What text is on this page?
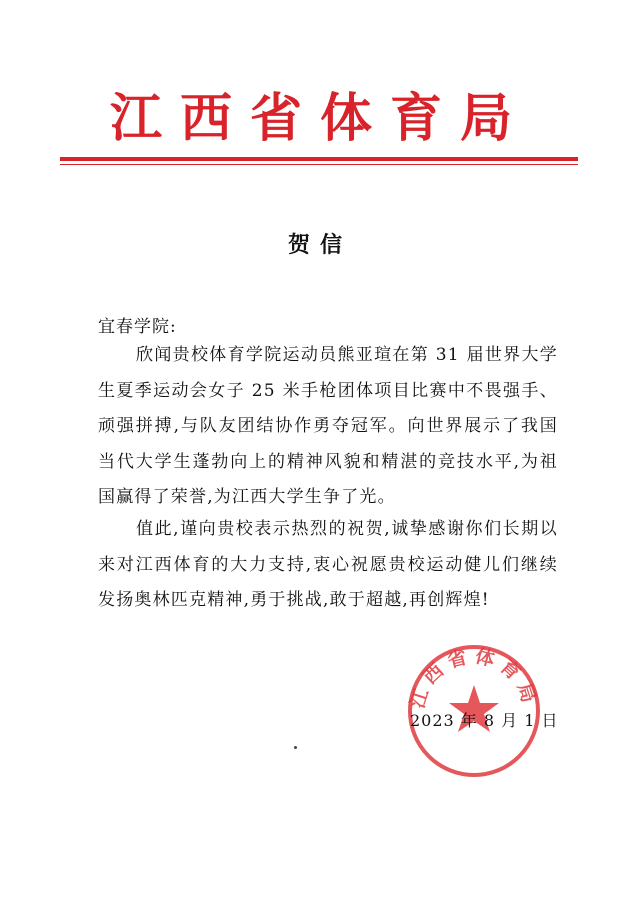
江西省体育局
贺信
宜春学院:
欣闻贵校体育学院运动员熊亚瑄在第 31 届世界大学生夏季运动会女子 25 米手枪团体项目比赛中不畏强手、顽强拼搏,与队友团结协作勇夺冠军。向世界展示了我国当代大学生蓬勃向上的精神风貌和精湛的竞技水平,为祖国赢得了荣誉,为江西大学生争了光。
值此,谨向贵校表示热烈的祝贺,诚挚感谢你们长期以来对江西体育的大力支持,衷心祝愿贵校运动健儿们继续发扬奥林匹克精神,勇于挑战,敢于超越,再创辉煌!
江西省体育局
2023 年 8 月 1 日
